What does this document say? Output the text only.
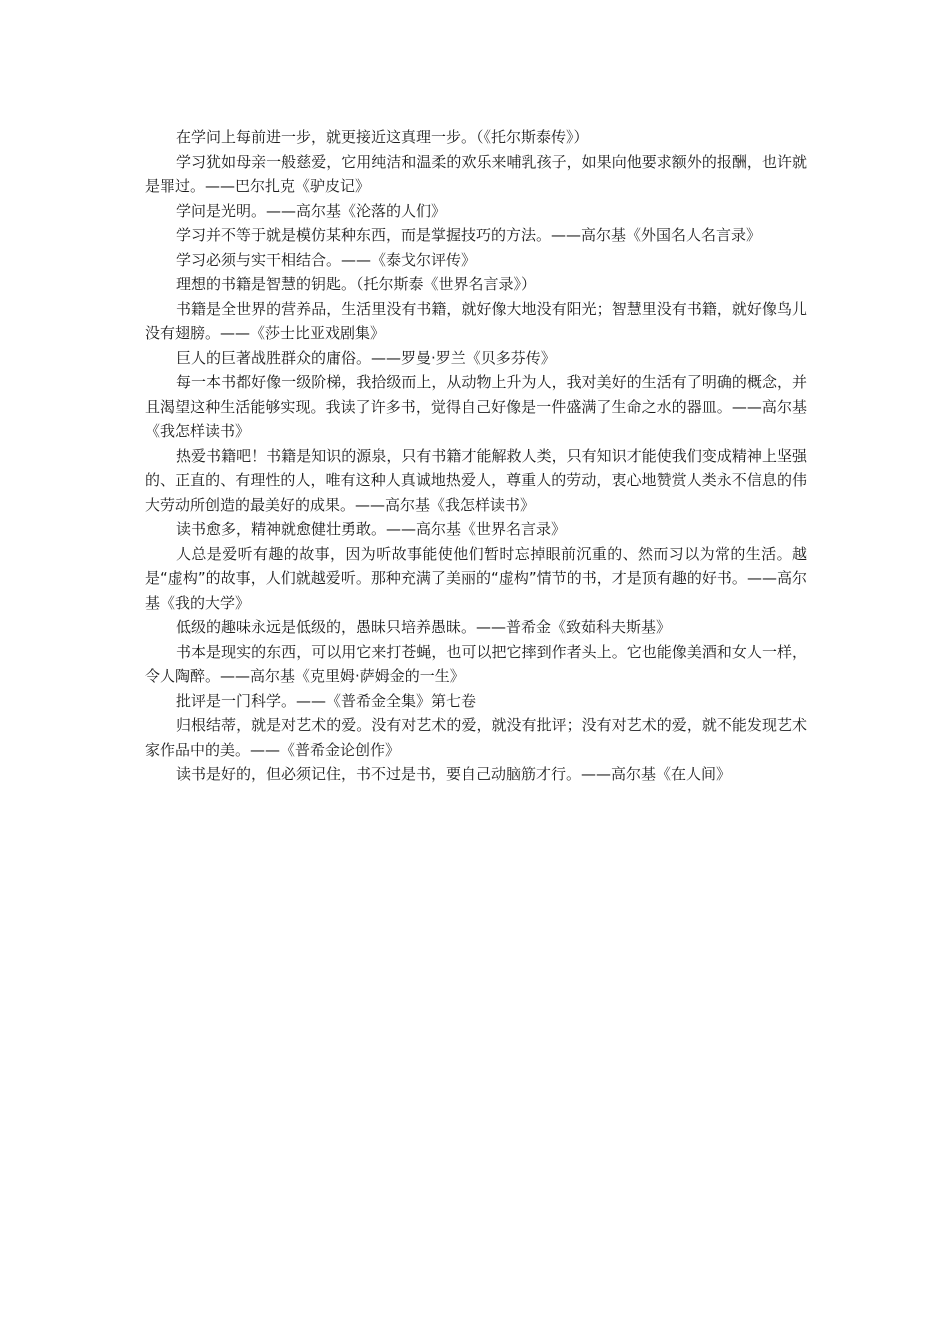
在学问上每前进一步，就更接近这真理一步。（《托尔斯泰传》）

学习犹如母亲一般慈爱，它用纯洁和温柔的欢乐来哺乳孩子，如果向他要求额外的报酬，也许就是罪过。——巴尔扎克《驴皮记》

学问是光明。——高尔基《沦落的人们》

学习并不等于就是模仿某种东西，而是掌握技巧的方法。——高尔基《外国名人名言录》

学习必须与实干相结合。——《泰戈尔评传》

理想的书籍是智慧的钥匙。（托尔斯泰《世界名言录》）

书籍是全世界的营养品，生活里没有书籍，就好像大地没有阳光；智慧里没有书籍，就好像鸟儿没有翅膀。——《莎士比亚戏剧集》

巨人的巨著战胜群众的庸俗。——罗曼·罗兰《贝多芬传》

每一本书都好像一级阶梯，我拾级而上，从动物上升为人，我对美好的生活有了明确的概念，并且渴望这种生活能够实现。我读了许多书，觉得自己好像是一件盛满了生命之水的器皿。——高尔基《我怎样读书》

热爱书籍吧！书籍是知识的源泉，只有书籍才能解救人类，只有知识才能使我们变成精神上坚强的、正直的、有理性的人，唯有这种人真诚地热爱人，尊重人的劳动，衷心地赞赏人类永不信息的伟大劳动所创造的最美好的成果。——高尔基《我怎样读书》

读书愈多，精神就愈健壮勇敢。——高尔基《世界名言录》

人总是爱听有趣的故事，因为听故事能使他们暂时忘掉眼前沉重的、然而习以为常的生活。越是“虚构”的故事，人们就越爱听。那种充满了美丽的“虚构”情节的书，才是顶有趣的好书。——高尔基《我的大学》

低级的趣味永远是低级的，愚昧只培养愚昧。——普希金《致茹科夫斯基》

书本是现实的东西，可以用它来打苍蝇，也可以把它摔到作者头上。它也能像美酒和女人一样，令人陶醉。——高尔基《克里姆·萨姆金的一生》

批评是一门科学。——《普希金全集》第七卷

归根结蒂，就是对艺术的爱。没有对艺术的爱，就没有批评；没有对艺术的爱，就不能发现艺术家作品中的美。——《普希金论创作》

读书是好的，但必须记住，书不过是书，要自己动脑筋才行。——高尔基《在人间》
